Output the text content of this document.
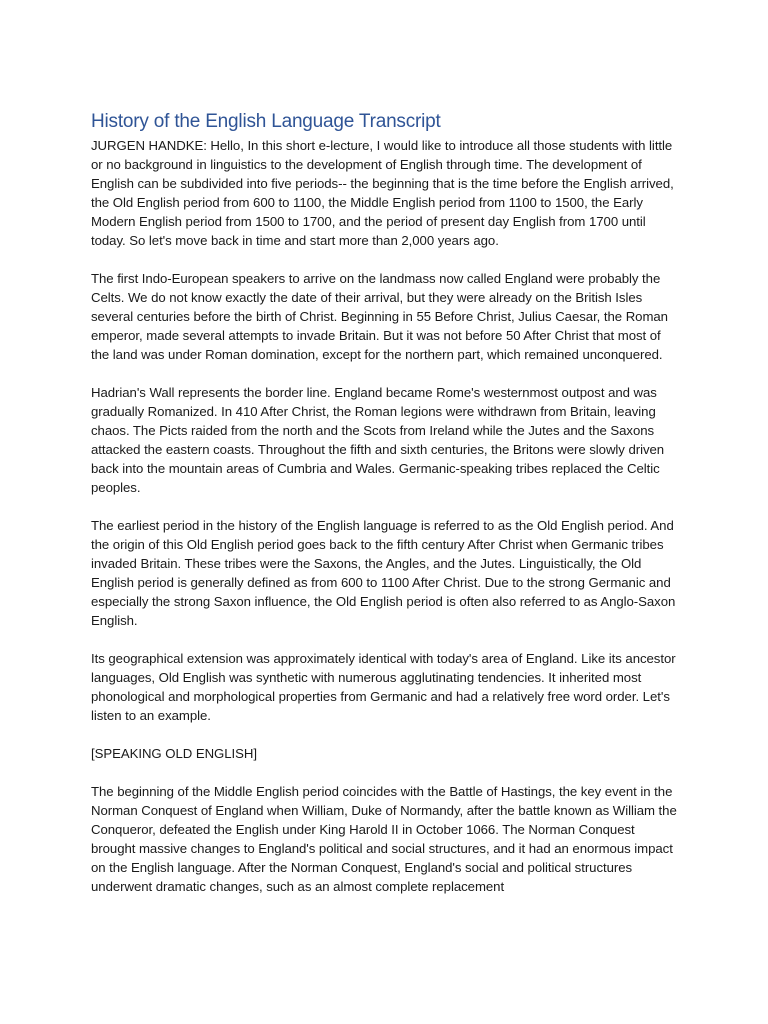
History of the English Language Transcript

JURGEN HANDKE: Hello, In this short e-lecture, I would like to introduce all those students with little or no background in linguistics to the development of English through time. The development of English can be subdivided into five periods-- the beginning that is the time before the English arrived, the Old English period from 600 to 1100, the Middle English period from 1100 to 1500, the Early Modern English period from 1500 to 1700, and the period of present day English from 1700 until today. So let's move back in time and start more than 2,000 years ago.

The first Indo-European speakers to arrive on the landmass now called England were probably the Celts. We do not know exactly the date of their arrival, but they were already on the British Isles several centuries before the birth of Christ. Beginning in 55 Before Christ, Julius Caesar, the Roman emperor, made several attempts to invade Britain. But it was not before 50 After Christ that most of the land was under Roman domination, except for the northern part, which remained unconquered.

Hadrian's Wall represents the border line. England became Rome's westernmost outpost and was gradually Romanized. In 410 After Christ, the Roman legions were withdrawn from Britain, leaving chaos. The Picts raided from the north and the Scots from Ireland while the Jutes and the Saxons attacked the eastern coasts. Throughout the fifth and sixth centuries, the Britons were slowly driven back into the mountain areas of Cumbria and Wales. Germanic-speaking tribes replaced the Celtic peoples.

The earliest period in the history of the English language is referred to as the Old English period. And the origin of this Old English period goes back to the fifth century After Christ when Germanic tribes invaded Britain. These tribes were the Saxons, the Angles, and the Jutes. Linguistically, the Old English period is generally defined as from 600 to 1100 After Christ. Due to the strong Germanic and especially the strong Saxon influence, the Old English period is often also referred to as Anglo-Saxon English.

Its geographical extension was approximately identical with today's area of England. Like its ancestor languages, Old English was synthetic with numerous agglutinating tendencies. It inherited most phonological and morphological properties from Germanic and had a relatively free word order. Let's listen to an example.

[SPEAKING OLD ENGLISH]

The beginning of the Middle English period coincides with the Battle of Hastings, the key event in the Norman Conquest of England when William, Duke of Normandy, after the battle known as William the Conqueror, defeated the English under King Harold II in October 1066. The Norman Conquest brought massive changes to England's political and social structures, and it had an enormous impact on the English language. After the Norman Conquest, England's social and political structures underwent dramatic changes, such as an almost complete replacement
